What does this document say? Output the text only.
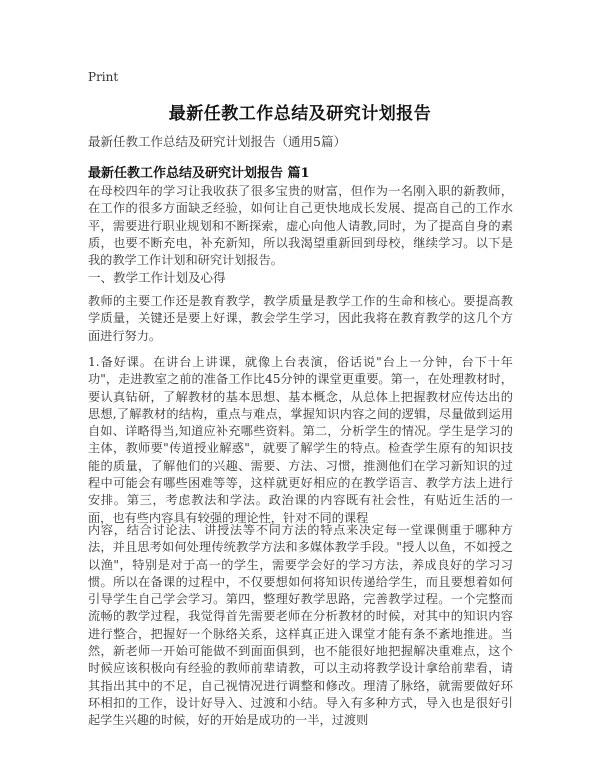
Print
最新任教工作总结及研究计划报告
最新任教工作总结及研究计划报告（通用5篇）
最新任教工作总结及研究计划报告 篇1

在母校四年的学习让我收获了很多宝贵的财富，但作为一名刚入职的新教师，在工作的很多方面缺乏经验，如何让自己更快地成长发展、提高自己的工作水平，需要进行职业规划和不断探索，虚心向他人请教,同时，为了提高自身的素质，也要不断充电，补充新知，所以我渴望重新回到母校，继续学习。以下是我的教学工作计划和研究计划报告。

一、教学工作计划及心得

教师的主要工作还是教育教学，教学质量是教学工作的生命和核心。要提高教学质量，关键还是要上好课，教会学生学习，因此我将在教育教学的这几个方面进行努力。

1.备好课。在讲台上讲课，就像上台表演，俗话说"台上一分钟，台下十年功"，走进教室之前的准备工作比45分钟的课堂更重要。第一，在处理教材时，要认真钻研，了解教材的基本思想、基本概念，从总体上把握教材应传达出的思想,了解教材的结构，重点与难点，掌握知识内容之间的逻辑，尽量做到运用自如、详略得当,知道应补充哪些资料。第二，分析学生的情况。学生是学习的主体，教师要"传道授业解惑"，就要了解学生的特点。检查学生原有的知识技能的质量，了解他们的兴趣、需要、方法、习惯，推测他们在学习新知识的过程中可能会有哪些困难等等，这样就更好相应的在教学语言、教学方法上进行安排。第三，考虑教法和学法。政治课的内容既有社会性，有贴近生活的一面，也有些内容具有较强的理论性，针对不同的课程

内容，结合讨论法、讲授法等不同方法的特点来决定每一堂课侧重于哪种方法，并且思考如何处理传统教学方法和多媒体教学手段。"授人以鱼，不如授之以渔"，特别是对于高一的学生，需要学会好的学习方法，养成良好的学习习惯。所以在备课的过程中，不仅要想如何将知识传递给学生，而且要想着如何引导学生自己学会学习。第四，整理好教学思路，完善教学过程。一个完整而流畅的教学过程，我觉得首先需要老师在分析教材的时候，对其中的知识内容进行整合，把握好一个脉络关系，这样真正进入课堂才能有条不紊地推进。当然，新老师一开始可能做不到面面俱到，也不能很好地把握解决重难点，这个时候应该积极向有经验的教师前辈请教，可以主动将教学设计拿给前辈看，请其指出其中的不足，自己视情况进行调整和修改。理清了脉络，就需要做好环环相扣的工作，设计好导入、过渡和小结。导入有多种方式，导入也是很好引起学生兴趣的时候，好的开始是成功的一半，过渡则
